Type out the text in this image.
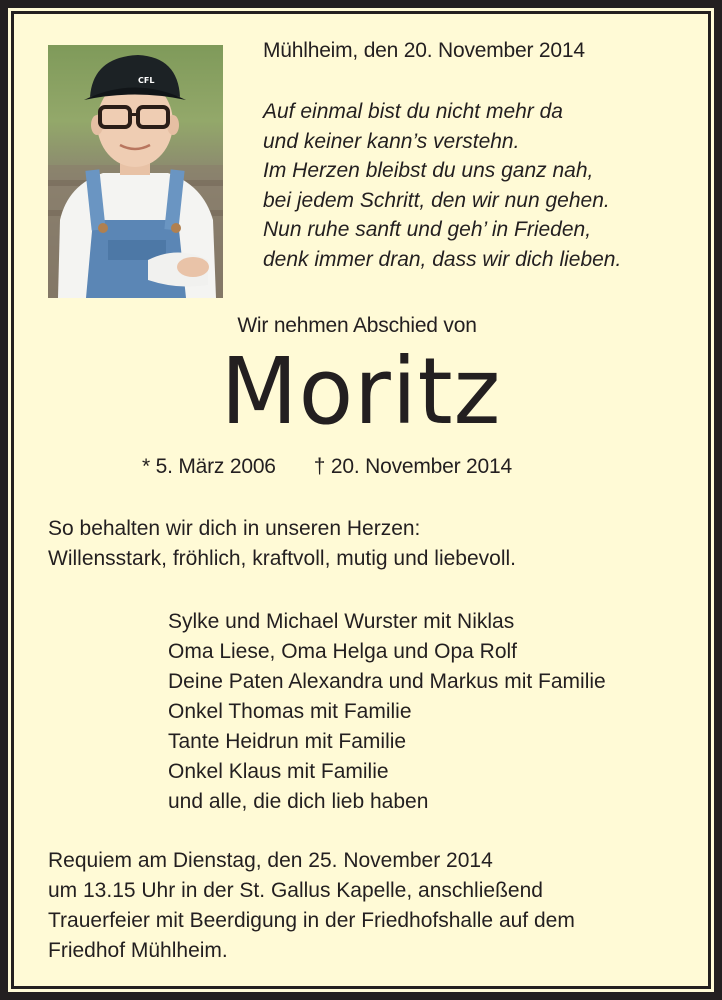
CFL
Mühlheim, den 20. November 2014
Auf einmal bist du nicht mehr da
und keiner kann’s verstehn.
Im Herzen bleibst du uns ganz nah,
bei jedem Schritt, den wir nun gehen.
Nun ruhe sanft und geh’ in Frieden,
denk immer dran, dass wir dich lieben.
Wir nehmen Abschied von
Moritz
* 5. März 2006 † 20. November 2014
So behalten wir dich in unseren Herzen:
Willensstark, fröhlich, kraftvoll, mutig und liebevoll.
Sylke und Michael Wurster mit Niklas
Oma Liese, Oma Helga und Opa Rolf
Deine Paten Alexandra und Markus mit Familie
Onkel Thomas mit Familie
Tante Heidrun mit Familie
Onkel Klaus mit Familie
und alle, die dich lieb haben
Requiem am Dienstag, den 25. November 2014
um 13.15 Uhr in der St. Gallus Kapelle, anschließend
Trauerfeier mit Beerdigung in der Friedhofshalle auf dem
Friedhof Mühlheim.
